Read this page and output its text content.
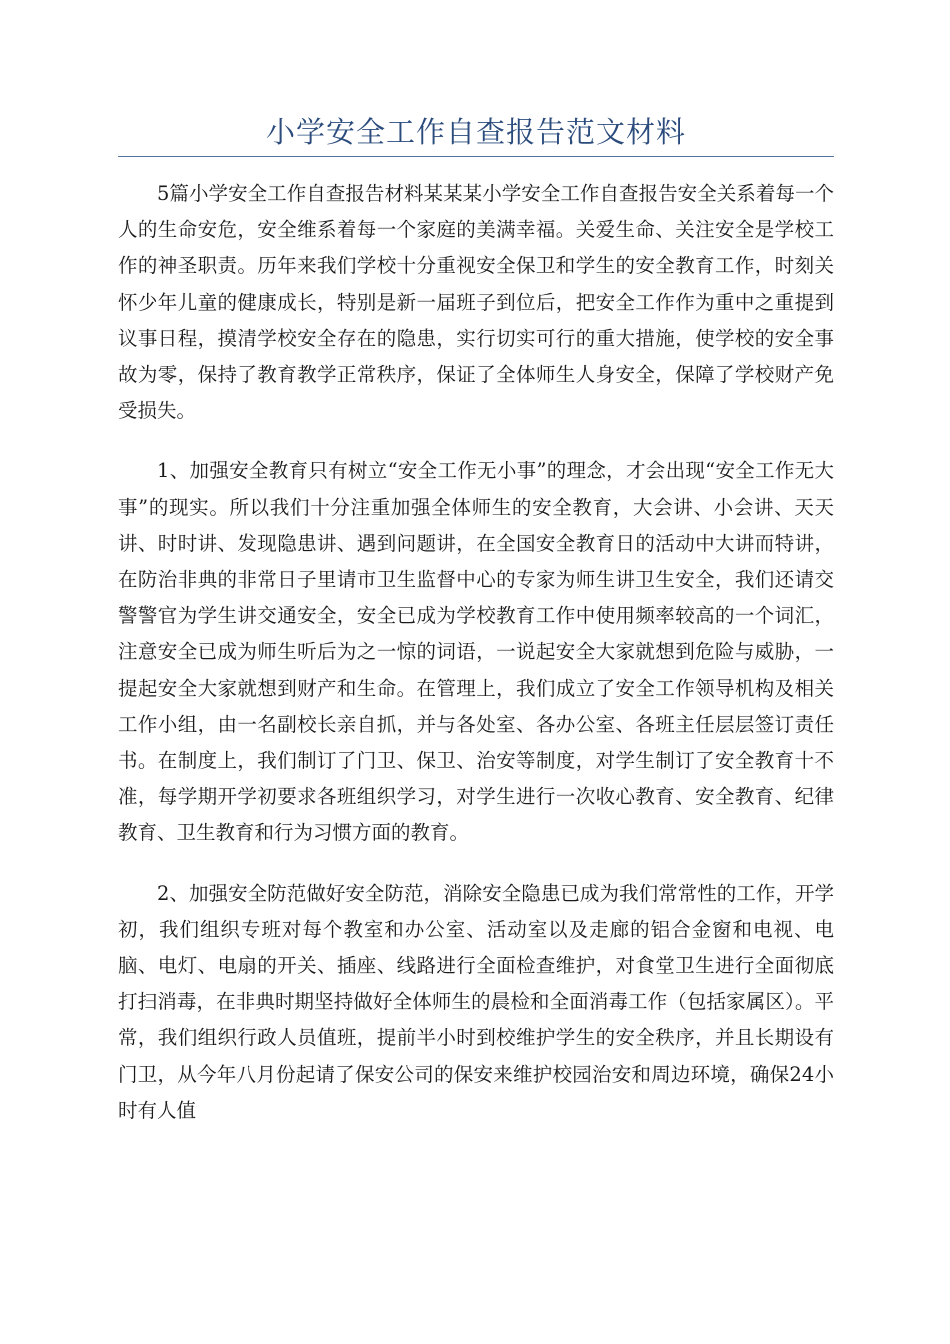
小学安全工作自查报告范文材料

5篇小学安全工作自查报告材料某某某小学安全工作自查报告安全关系着每一个人的生命安危，安全维系着每一个家庭的美满幸福。关爱生命、关注安全是学校工作的神圣职责。历年来我们学校十分重视安全保卫和学生的安全教育工作，时刻关怀少年儿童的健康成长，特别是新一届班子到位后，把安全工作作为重中之重提到议事日程，摸清学校安全存在的隐患，实行切实可行的重大措施，使学校的安全事故为零，保持了教育教学正常秩序，保证了全体师生人身安全，保障了学校财产免受损失。

1、加强安全教育只有树立“安全工作无小事”的理念，才会出现“安全工作无大事”的现实。所以我们十分注重加强全体师生的安全教育，大会讲、小会讲、天天讲、时时讲、发现隐患讲、遇到问题讲，在全国安全教育日的活动中大讲而特讲，在防治非典的非常日子里请市卫生监督中心的专家为师生讲卫生安全，我们还请交警警官为学生讲交通安全，安全已成为学校教育工作中使用频率较高的一个词汇，注意安全已成为师生听后为之一惊的词语，一说起安全大家就想到危险与威胁，一提起安全大家就想到财产和生命。在管理上，我们成立了安全工作领导机构及相关工作小组，由一名副校长亲自抓，并与各处室、各办公室、各班主任层层签订责任书。在制度上，我们制订了门卫、保卫、治安等制度，对学生制订了安全教育十不准，每学期开学初要求各班组织学习，对学生进行一次收心教育、安全教育、纪律教育、卫生教育和行为习惯方面的教育。

2、加强安全防范做好安全防范，消除安全隐患已成为我们常常性的工作，开学初，我们组织专班对每个教室和办公室、活动室以及走廊的铝合金窗和电视、电脑、电灯、电扇的开关、插座、线路进行全面检查维护，对食堂卫生进行全面彻底打扫消毒，在非典时期坚持做好全体师生的晨检和全面消毒工作（包括家属区）。平常，我们组织行政人员值班，提前半小时到校维护学生的安全秩序，并且长期设有门卫，从今年八月份起请了保安公司的保安来维护校园治安和周边环境，确保24小时有人值
